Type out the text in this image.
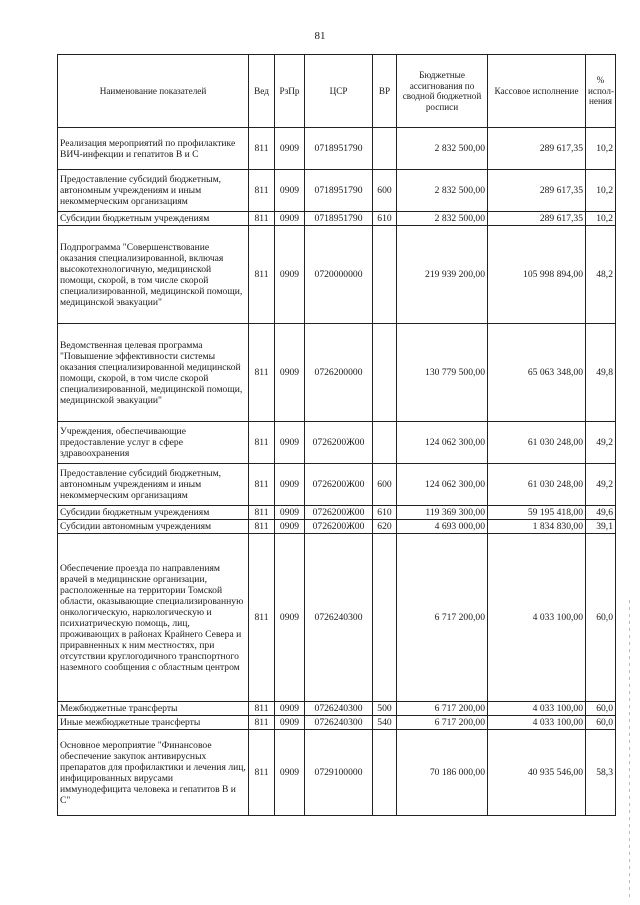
81
Наименование показателей	Вед	РзПр	ЦСР	ВР	Бюджетные ассигнования по сводной бюджетной росписи	Кассовое исполнение	% испол-нения
Реализация мероприятий по профилактике ВИЧ-инфекции и гепатитов В и С	811	0909	0718951790		2 832 500,00	289 617,35	10,2
Предоставление субсидий бюджетным, автономным учреждениям и иным некоммерческим организациям	811	0909	0718951790	600	2 832 500,00	289 617,35	10,2
Субсидии бюджетным учреждениям	811	0909	0718951790	610	2 832 500,00	289 617,35	10,2
Подпрограмма "Совершенствование оказания специализированной, включая высокотехнологичную, медицинской помощи, скорой, в том числе скорой специализированной, медицинской помощи, медицинской эвакуации"	811	0909	0720000000		219 939 200,00	105 998 894,00	48,2
Ведомственная целевая программа "Повышение эффективности системы оказания специализированной медицинской помощи, скорой, в том числе скорой специализированной, медицинской помощи, медицинской эвакуации"	811	0909	0726200000		130 779 500,00	65 063 348,00	49,8
Учреждения, обеспечивающие предоставление услуг в сфере здравоохранения	811	0909	0726200Ж00		124 062 300,00	61 030 248,00	49,2
Предоставление субсидий бюджетным, автономным учреждениям и иным некоммерческим организациям	811	0909	0726200Ж00	600	124 062 300,00	61 030 248,00	49,2
Субсидии бюджетным учреждениям	811	0909	0726200Ж00	610	119 369 300,00	59 195 418,00	49,6
Субсидии автономным учреждениям	811	0909	0726200Ж00	620	4 693 000,00	1 834 830,00	39,1
Обеспечение проезда по направлениям врачей в медицинские организации, расположенные на территории Томской области, оказывающие специализированную онкологическую, наркологическую и психиатрическую помощь, лиц, проживающих в районах Крайнего Севера и приравненных к ним местностях, при отсутствии круглогодичного транспортного наземного сообщения с областным центром	811	0909	0726240300		6 717 200,00	4 033 100,00	60,0
Межбюджетные трансферты	811	0909	0726240300	500	6 717 200,00	4 033 100,00	60,0
Иные межбюджетные трансферты	811	0909	0726240300	540	6 717 200,00	4 033 100,00	60,0
Основное мероприятие "Финансовое обеспечение закупок антивирусных препаратов для профилактики и лечения лиц, инфицированных вирусами иммунодефицита человека и гепатитов В и С"	811	0909	0729100000		70 186 000,00	40 935 546,00	58,3
